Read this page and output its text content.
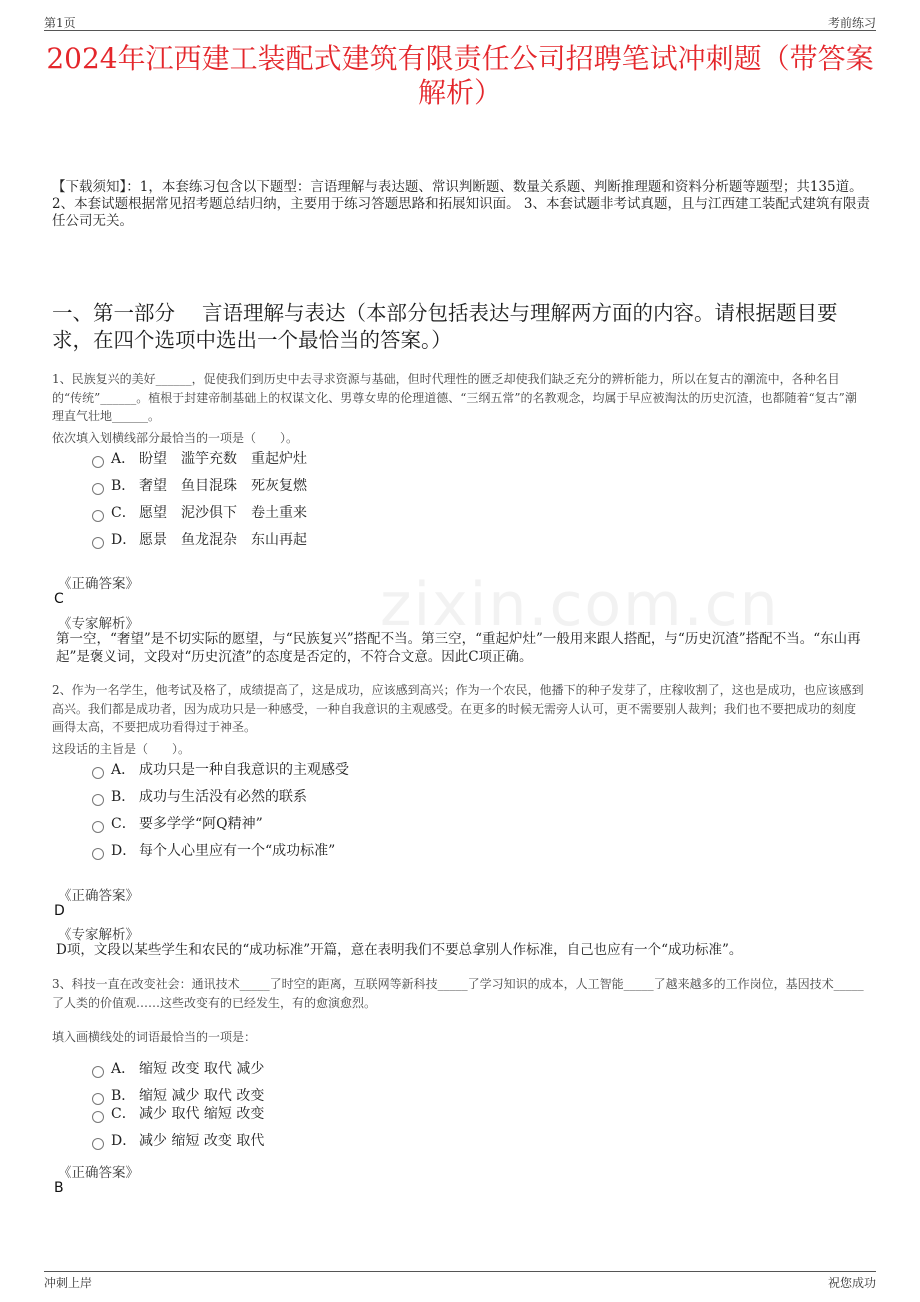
第1页	考前练习
zixin.com.cn
2024年江西建工装配式建筑有限责任公司招聘笔试冲刺题（带答案解析）
【下载须知】：1，本套练习包含以下题型：言语理解与表达题、常识判断题、数量关系题、判断推理题和资料分析题等题型；共135道。 2、本套试题根据常见招考题总结归纳，主要用于练习答题思路和拓展知识面。 3、本套试题非考试真题，且与江西建工装配式建筑有限责任公司无关。
一、第一部分　 言语理解与表达（本部分包括表达与理解两方面的内容。请根据题目要求，在四个选项中选出一个最恰当的答案。）
1、民族复兴的美好______，促使我们到历史中去寻求资源与基础，但时代理性的匮乏却使我们缺乏充分的辨析能力，所以在复古的潮流中，各种名目的“传统”______。植根于封建帝制基础上的权谋文化、男尊女卑的伦理道德、“三纲五常”的名教观念，均属于早应被淘汰的历史沉渣，也都随着“复古”潮理直气壮地______。
依次填入划横线部分最恰当的一项是（　　）。
A． 盼望　滥竽充数　重起炉灶
B． 奢望　鱼目混珠　死灰复燃
C． 愿望　泥沙俱下　卷土重来
D． 愿景　鱼龙混杂　东山再起
《正确答案》
C
《专家解析》
第一空，“奢望”是不切实际的愿望，与“民族复兴”搭配不当。第三空，“重起炉灶”一般用来跟人搭配，与“历史沉渣”搭配不当。“东山再起”是褒义词，文段对“历史沉渣”的态度是否定的，不符合文意。因此C项正确。
2、作为一名学生，他考试及格了，成绩提高了，这是成功，应该感到高兴；作为一个农民，他播下的种子发芽了，庄稼收割了，这也是成功，也应该感到高兴。我们都是成功者，因为成功只是一种感受，一种自我意识的主观感受。在更多的时候无需旁人认可，更不需要别人裁判；我们也不要把成功的刻度画得太高，不要把成功看得过于神圣。
这段话的主旨是（　　）。
A． 成功只是一种自我意识的主观感受
B． 成功与生活没有必然的联系
C． 要多学学“阿Q精神”
D． 每个人心里应有一个“成功标准”
《正确答案》
D
《专家解析》
D项，文段以某些学生和农民的“成功标准”开篇，意在表明我们不要总拿别人作标准，自己也应有一个“成功标准”。
3、科技一直在改变社会：通讯技术_____了时空的距离，互联网等新科技_____了学习知识的成本，人工智能_____了越来越多的工作岗位，基因技术_____了人类的价值观……这些改变有的已经发生，有的愈演愈烈。
填入画横线处的词语最恰当的一项是：
A． 缩短 改变 取代 减少
B． 缩短 减少 取代 改变
C． 减少 取代 缩短 改变
D． 减少 缩短 改变 取代
《正确答案》
B
冲刺上岸	祝您成功
